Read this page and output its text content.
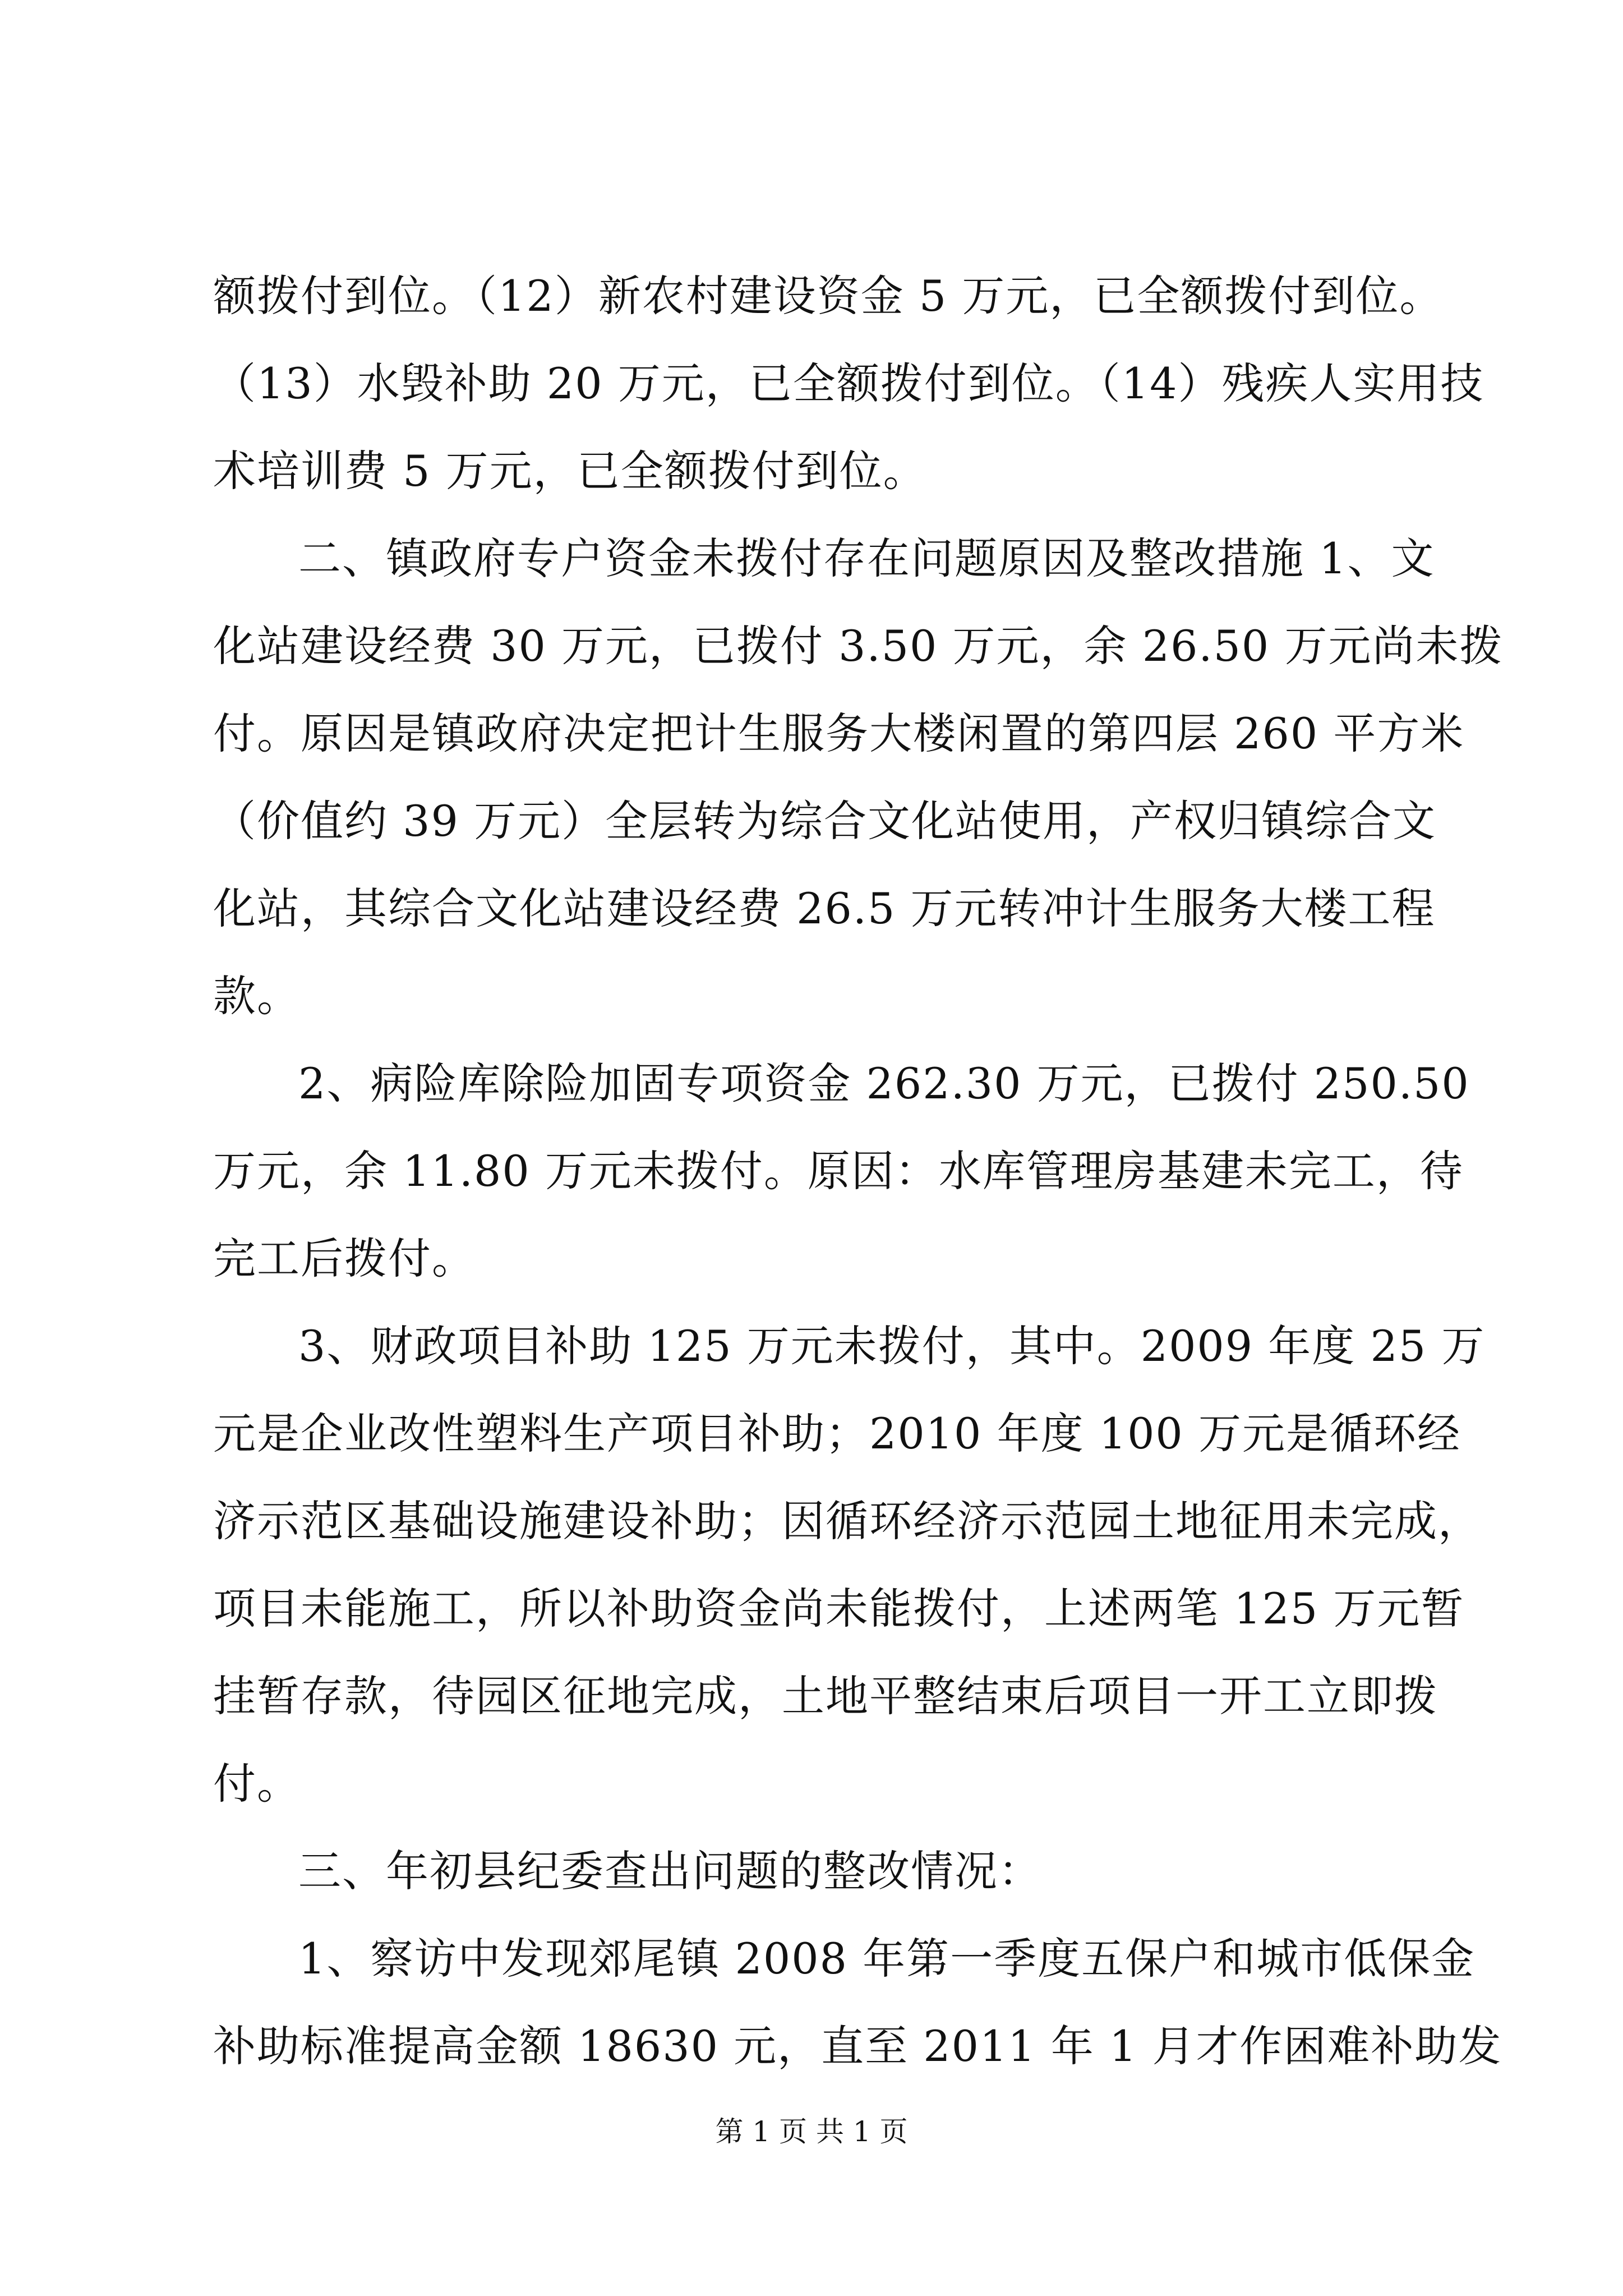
额拨付到位。（12）新农村建设资金 5 万元，已全额拨付到位。
（13）水毁补助 20 万元，已全额拨付到位。（14）残疾人实用技
术培训费 5 万元，已全额拨付到位。
二、镇政府专户资金未拨付存在问题原因及整改措施 1、文
化站建设经费 30 万元，已拨付 3.50 万元，余 26.50 万元尚未拨
付。原因是镇政府决定把计生服务大楼闲置的第四层 260 平方米
（价值约 39 万元）全层转为综合文化站使用，产权归镇综合文
化站，其综合文化站建设经费 26.5 万元转冲计生服务大楼工程
款。
2、病险库除险加固专项资金 262.30 万元，已拨付 250.50
万元，余 11.80 万元未拨付。原因：水库管理房基建未完工，待
完工后拨付。
3、财政项目补助 125 万元未拨付，其中。2009 年度 25 万
元是企业改性塑料生产项目补助；2010 年度 100 万元是循环经
济示范区基础设施建设补助；因循环经济示范园土地征用未完成，
项目未能施工，所以补助资金尚未能拨付，上述两笔 125 万元暂
挂暂存款，待园区征地完成，土地平整结束后项目一开工立即拨
付。
三、年初县纪委查出问题的整改情况：
1、察访中发现郊尾镇 2008 年第一季度五保户和城市低保金
补助标准提高金额 18630 元，直至 2011 年 1 月才作困难补助发
第 1 页 共 1 页
